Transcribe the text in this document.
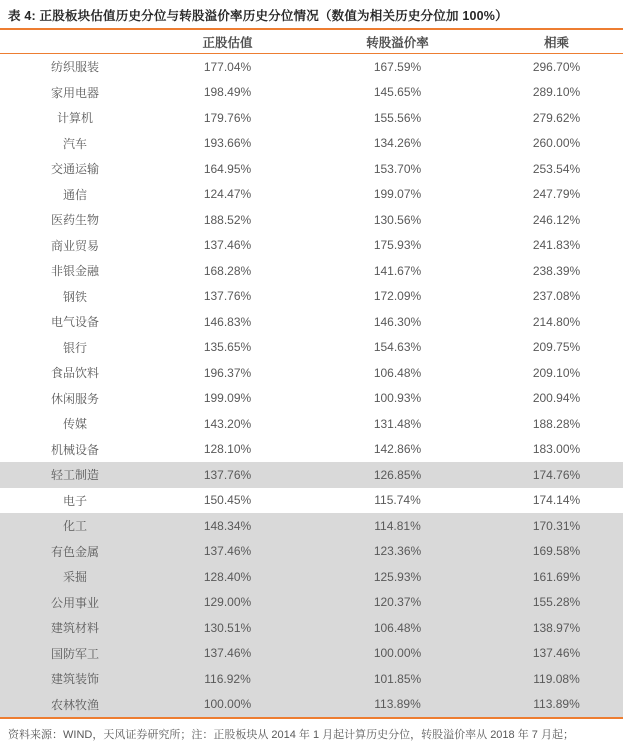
表 4: 正股板块估值历史分位与转股溢价率历史分位情况（数值为相关历史分位加 100%）
	正股估值	转股溢价率	相乘
纺织服装	177.04%	167.59%	296.70%
家用电器	198.49%	145.65%	289.10%
计算机	179.76%	155.56%	279.62%
汽车	193.66%	134.26%	260.00%
交通运输	164.95%	153.70%	253.54%
通信	124.47%	199.07%	247.79%
医药生物	188.52%	130.56%	246.12%
商业贸易	137.46%	175.93%	241.83%
非银金融	168.28%	141.67%	238.39%
钢铁	137.76%	172.09%	237.08%
电气设备	146.83%	146.30%	214.80%
银行	135.65%	154.63%	209.75%
食品饮料	196.37%	106.48%	209.10%
休闲服务	199.09%	100.93%	200.94%
传媒	143.20%	131.48%	188.28%
机械设备	128.10%	142.86%	183.00%
轻工制造	137.76%	126.85%	174.76%
电子	150.45%	115.74%	174.14%
化工	148.34%	114.81%	170.31%
有色金属	137.46%	123.36%	169.58%
采掘	128.40%	125.93%	161.69%
公用事业	129.00%	120.37%	155.28%
建筑材料	130.51%	106.48%	138.97%
国防军工	137.46%	100.00%	137.46%
建筑装饰	116.92%	101.85%	119.08%
农林牧渔	100.00%	113.89%	113.89%
资料来源：WIND，天风证券研究所；注：正股板块从 2014 年 1 月起计算历史分位，转股溢价率从 2018 年 7 月起；
